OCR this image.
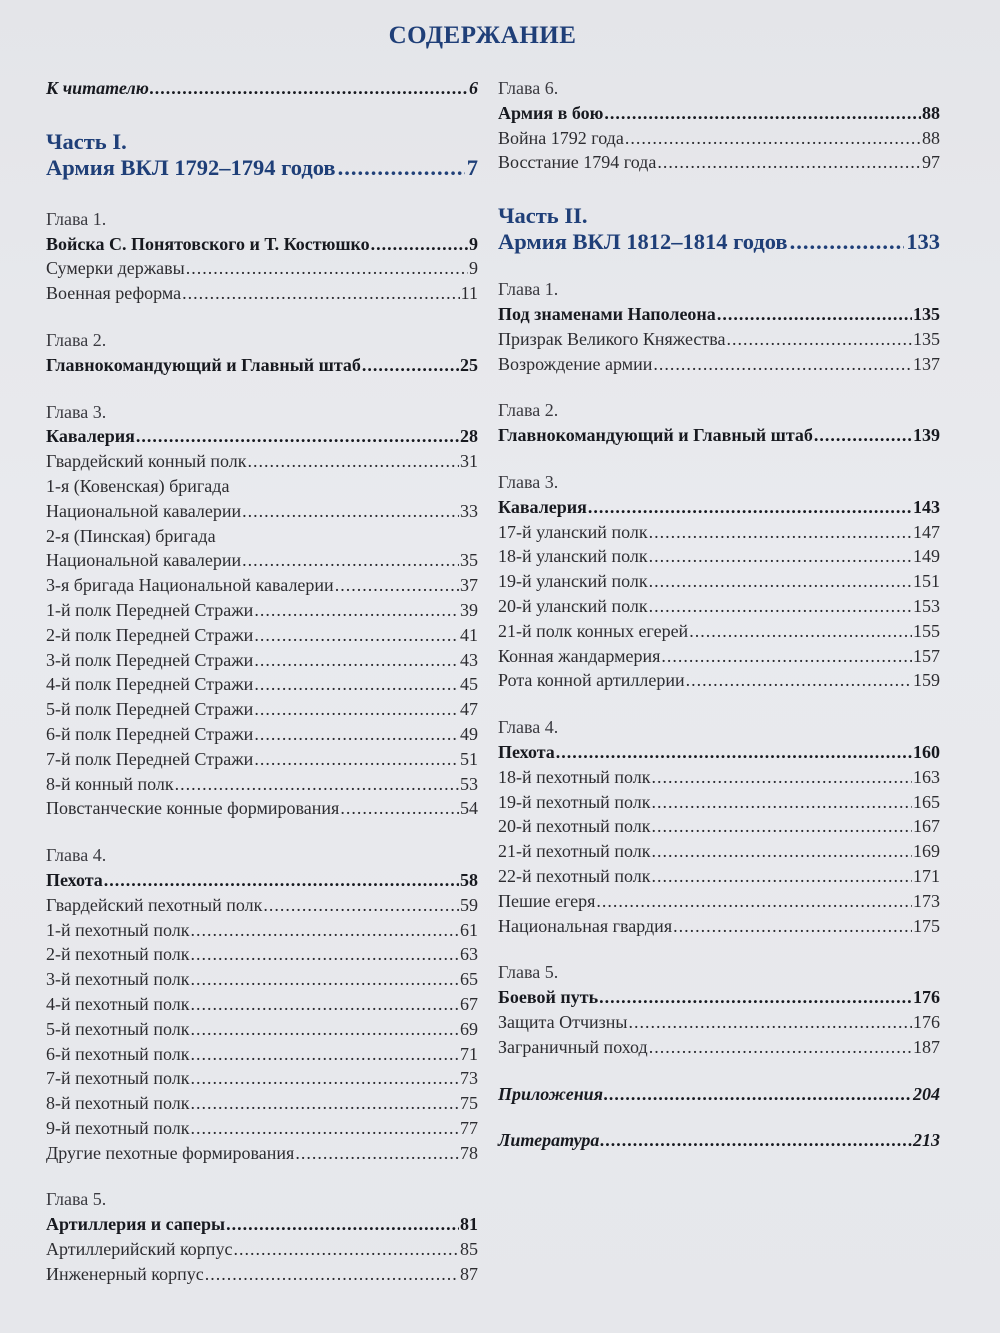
СОДЕРЖАНИЕ
К читателю .....	6
Часть I.
Армия ВКЛ 1792–1794 годов .....	7
Глава 1.
Войска С. Понятовского и Т. Костюшко .....	9
Сумерки державы .....	9
Военная реформа .....	11
Глава 2.
Главнокомандующий и Главный штаб .....	25
Глава 3.
Кавалерия .....	28
Гвардейский конный полк .....	31
1-я (Ковенская) бригада
Национальной кавалерии .....	33
2-я (Пинская) бригада
Национальной кавалерии .....	35
3-я бригада Национальной кавалерии .....	37
1-й полк Передней Стражи .....	39
2-й полк Передней Стражи .....	41
3-й полк Передней Стражи .....	43
4-й полк Передней Стражи .....	45
5-й полк Передней Стражи .....	47
6-й полк Передней Стражи .....	49
7-й полк Передней Стражи .....	51
8-й конный полк .....	53
Повстанческие конные формирования .....	54
Глава 4.
Пехота .....	58
Гвардейский пехотный полк .....	59
1-й пехотный полк .....	61
2-й пехотный полк .....	63
3-й пехотный полк .....	65
4-й пехотный полк .....	67
5-й пехотный полк .....	69
6-й пехотный полк .....	71
7-й пехотный полк .....	73
8-й пехотный полк .....	75
9-й пехотный полк .....	77
Другие пехотные формирования .....	78
Глава 5.
Артиллерия и саперы .....	81
Артиллерийский корпус .....	85
Инженерный корпус .....	87
Глава 6.
Армия в бою .....	88
Война 1792 года .....	88
Восстание 1794 года .....	97
Часть II.
Армия ВКЛ 1812–1814 годов .....	133
Глава 1.
Под знаменами Наполеона .....	135
Призрак Великого Княжества .....	135
Возрождение армии .....	137
Глава 2.
Главнокомандующий и Главный штаб .....	139
Глава 3.
Кавалерия .....	143
17-й уланский полк .....	147
18-й уланский полк .....	149
19-й уланский полк .....	151
20-й уланский полк .....	153
21-й полк конных егерей .....	155
Конная жандармерия .....	157
Рота конной артиллерии .....	159
Глава 4.
Пехота .....	160
18-й пехотный полк .....	163
19-й пехотный полк .....	165
20-й пехотный полк .....	167
21-й пехотный полк .....	169
22-й пехотный полк .....	171
Пешие егеря .....	173
Национальная гвардия .....	175
Глава 5.
Боевой путь .....	176
Защита Отчизны .....	176
Заграничный поход .....	187
Приложения .....	204
Литература .....	213
